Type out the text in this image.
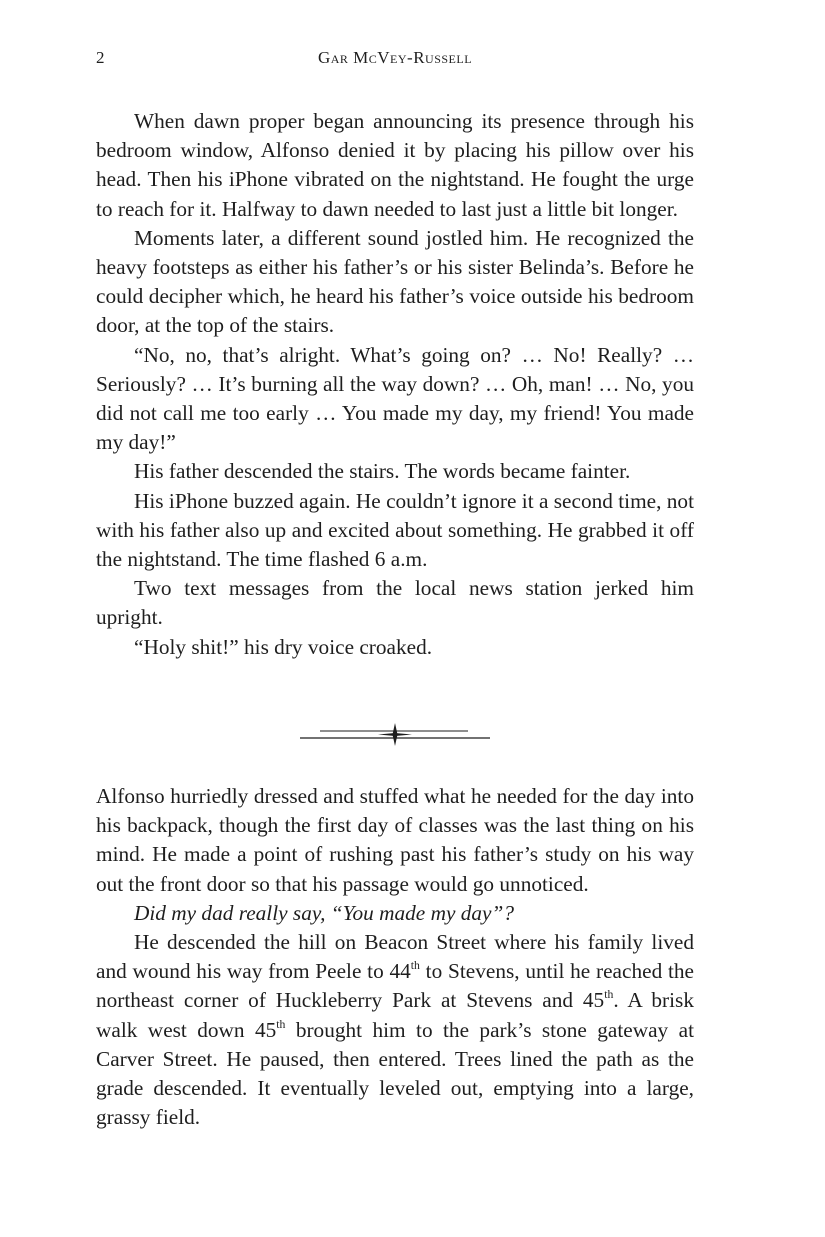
2	Gar McVey-Russell

When dawn proper began announcing its presence through his bedroom window, Alfonso denied it by placing his pillow over his head. Then his iPhone vibrated on the nightstand. He fought the urge to reach for it. Halfway to dawn needed to last just a little bit longer.

Moments later, a different sound jostled him. He recognized the heavy footsteps as either his father’s or his sister Belinda’s. Before he could decipher which, he heard his father’s voice outside his bedroom door, at the top of the stairs.

“No, no, that’s alright. What’s going on? … No! Really? … Seriously? … It’s burning all the way down? … Oh, man! … No, you did not call me too early … You made my day, my friend! You made my day!”

His father descended the stairs. The words became fainter.

His iPhone buzzed again. He couldn’t ignore it a second time, not with his father also up and excited about something. He grabbed it off the nightstand. The time flashed 6 a.m.

Two text messages from the local news station jerked him upright.

“Holy shit!” his dry voice croaked.

Alfonso hurriedly dressed and stuffed what he needed for the day into his backpack, though the first day of classes was the last thing on his mind. He made a point of rushing past his father’s study on his way out the front door so that his passage would go unnoticed.

Did my dad really say, “You made my day”?

He descended the hill on Beacon Street where his family lived and wound his way from Peele to 44th to Stevens, until he reached the northeast corner of Huckleberry Park at Stevens and 45th. A brisk walk west down 45th brought him to the park’s stone gateway at Carver Street. He paused, then entered. Trees lined the path as the grade descended. It eventually leveled out, emptying into a large, grassy field.
